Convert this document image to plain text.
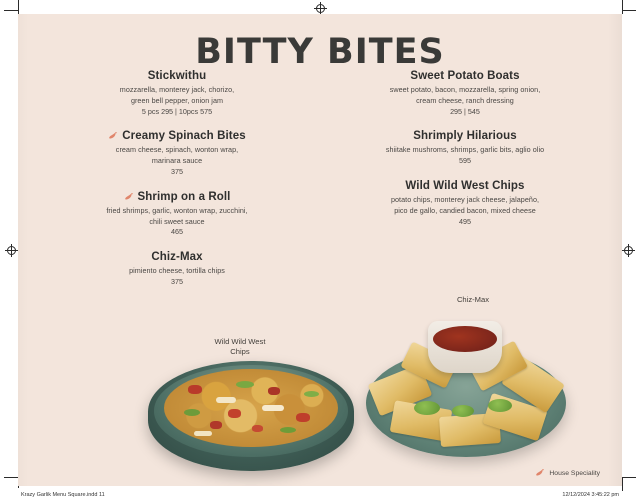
BITTY BITES
Stickwithu
mozzarella, monterey jack, chorizo,
green bell pepper, onion jam
5 pcs 295 | 10pcs 575
Creamy Spinach Bites
cream cheese, spinach, wonton wrap,
marinara sauce
375
Shrimp on a Roll
fried shrimps, garlic, wonton wrap, zucchini,
chili sweet sauce
465
Chiz-Max
pimiento cheese, tortilla chips
375
Sweet Potato Boats
sweet potato, bacon, mozzarella, spring onion,
cream cheese, ranch dressing
295 | 545
Shrimply Hilarious
shiitake mushroms, shrimps, garlic bits, aglio olio
595
Wild Wild West Chips
potato chips, monterey jack cheese, jalapeño,
pico de gallo, candied bacon, mixed cheese
495
Wild Wild West
Chips
Chiz-Max
House Speciality
Krazy Garlik Menu Square.indd 11	12/12/2024 3:45:22 pm
